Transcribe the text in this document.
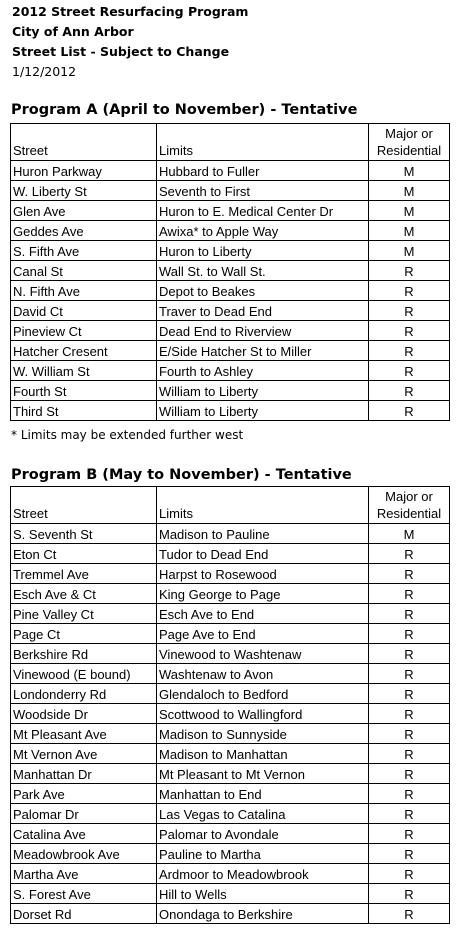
2012 Street Resurfacing Program
City of Ann Arbor
Street List - Subject to Change
1/12/2012
Program A (April to November) - Tentative
Street	Limits	Major or Residential
Huron Parkway	Hubbard to Fuller	M
W. Liberty St	Seventh to First	M
Glen Ave	Huron to E. Medical Center Dr	M
Geddes Ave	Awixa* to Apple Way	M
S. Fifth Ave	Huron to Liberty	M
Canal St	Wall St. to Wall St.	R
N. Fifth Ave	Depot to Beakes	R
David Ct	Traver to Dead End	R
Pineview Ct	Dead End to Riverview	R
Hatcher Cresent	E/Side Hatcher St to Miller	R
W. William St	Fourth to Ashley	R
Fourth St	William to Liberty	R
Third St	William to Liberty	R
* Limits may be extended further west
Program B (May to November) - Tentative
Street	Limits	Major or Residential
S. Seventh St	Madison to Pauline	M
Eton Ct	Tudor to Dead End	R
Tremmel Ave	Harpst to Rosewood	R
Esch Ave & Ct	King George to Page	R
Pine Valley Ct	Esch Ave to End	R
Page Ct	Page Ave to End	R
Berkshire Rd	Vinewood to Washtenaw	R
Vinewood (E bound)	Washtenaw to Avon	R
Londonderry Rd	Glendaloch to Bedford	R
Woodside Dr	Scottwood to Wallingford	R
Mt Pleasant Ave	Madison to Sunnyside	R
Mt Vernon Ave	Madison to Manhattan	R
Manhattan Dr	Mt Pleasant to Mt Vernon	R
Park Ave	Manhattan to End	R
Palomar Dr	Las Vegas to Catalina	R
Catalina Ave	Palomar to Avondale	R
Meadowbrook Ave	Pauline to Martha	R
Martha Ave	Ardmoor to Meadowbrook	R
S. Forest Ave	Hill to Wells	R
Dorset Rd	Onondaga to Berkshire	R
